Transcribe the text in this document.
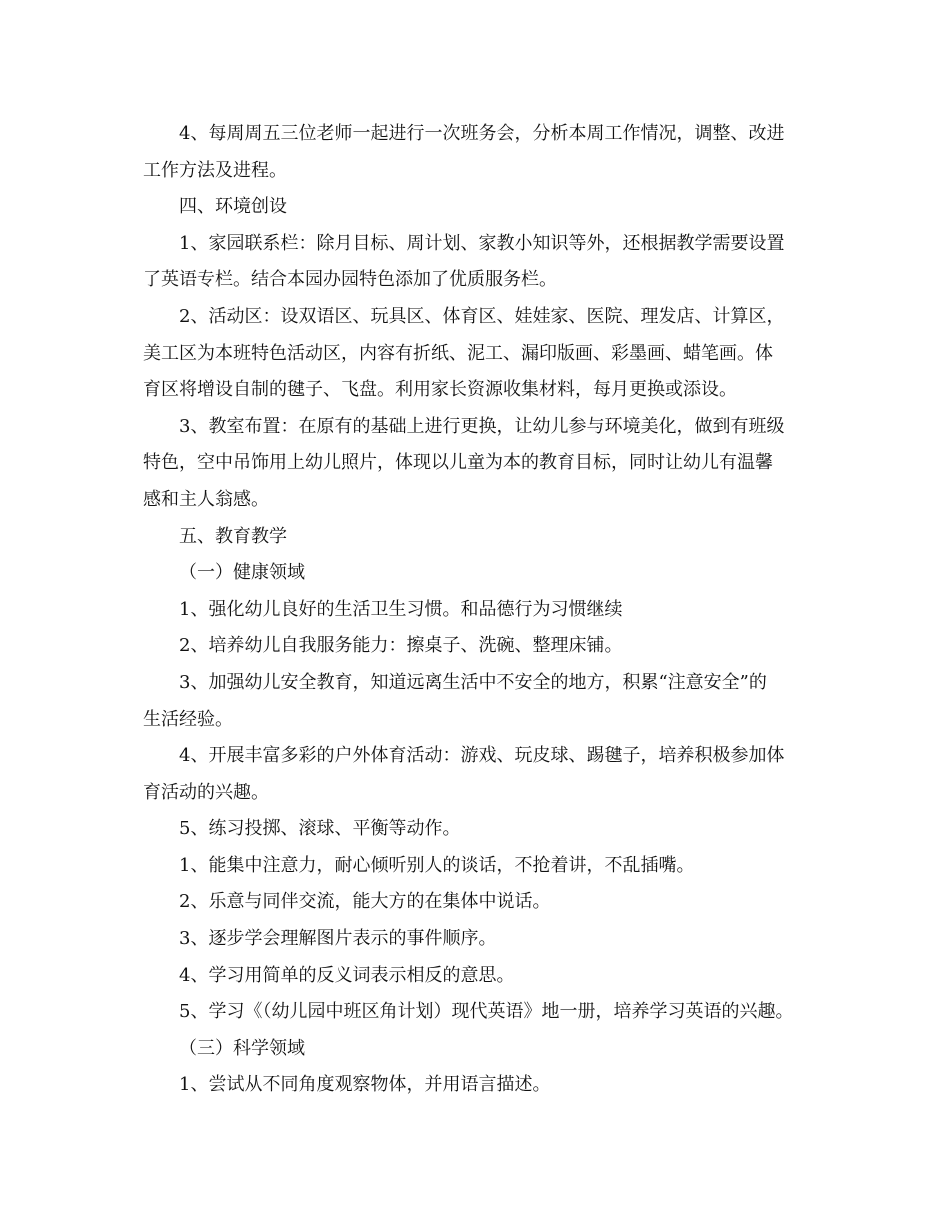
4、每周周五三位老师一起进行一次班务会，分析本周工作情况，调整、改进
工作方法及进程。

四、环境创设

1、家园联系栏：除月目标、周计划、家教小知识等外，还根据教学需要设置
了英语专栏。结合本园办园特色添加了优质服务栏。

2、活动区：设双语区、玩具区、体育区、娃娃家、医院、理发店、计算区，
美工区为本班特色活动区，内容有折纸、泥工、漏印版画、彩墨画、蜡笔画。体
育区将增设自制的毽子、飞盘。利用家长资源收集材料，每月更换或添设。

3、教室布置：在原有的基础上进行更换，让幼儿参与环境美化，做到有班级
特色，空中吊饰用上幼儿照片，体现以儿童为本的教育目标，同时让幼儿有温馨
感和主人翁感。

五、教育教学

（一）健康领域

1、强化幼儿良好的生活卫生习惯。和品德行为习惯继续

2、培养幼儿自我服务能力：擦桌子、洗碗、整理床铺。

3、加强幼儿安全教育，知道远离生活中不安全的地方，积累“注意安全”的
生活经验。

4、开展丰富多彩的户外体育活动：游戏、玩皮球、踢毽子，培养积极参加体
育活动的兴趣。

5、练习投掷、滚球、平衡等动作。

1、能集中注意力，耐心倾听别人的谈话，不抢着讲，不乱插嘴。

2、乐意与同伴交流，能大方的在集体中说话。

3、逐步学会理解图片表示的事件顺序。

4、学习用简单的反义词表示相反的意思。

5、学习《（幼儿园中班区角计划）现代英语》地一册，培养学习英语的兴趣。

（三）科学领域

1、尝试从不同角度观察物体，并用语言描述。
